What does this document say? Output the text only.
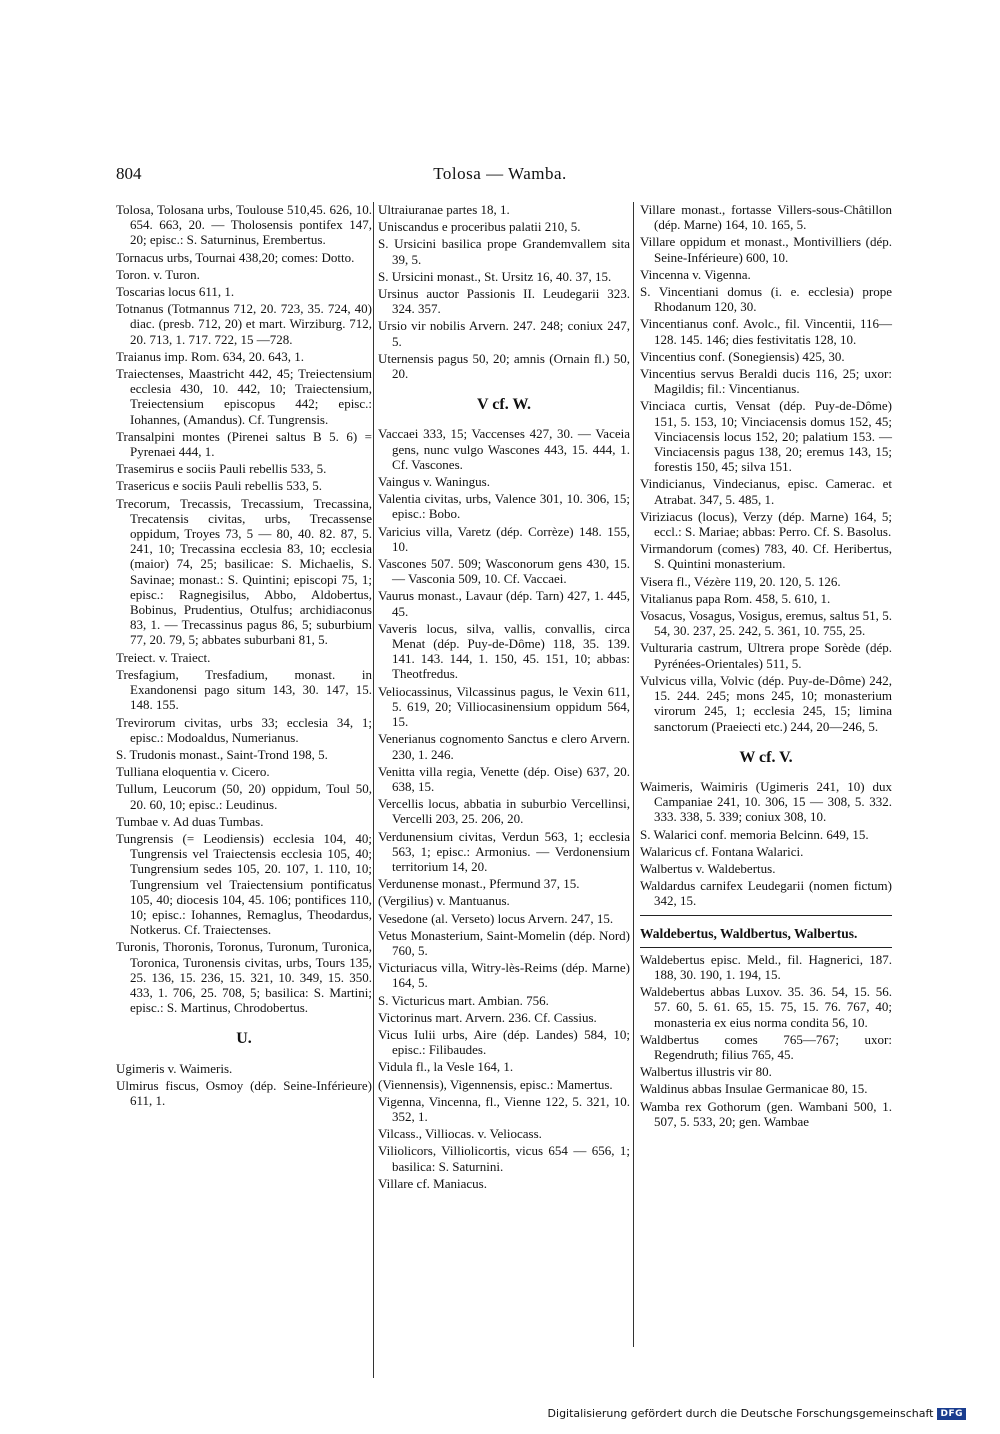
804	Tolosa — Wamba.
Tolosa, Tolosana urbs, Toulouse 510,45. 626, 10. 654. 663, 20. — Tholosensis pontifex 147, 20; episc.: S. Saturninus, Erembertus.
Tornacus urbs, Tournai 438,20; comes: Dotto.
Toron. v. Turon.
Toscarias locus 611, 1.
Totnanus (Totmannus 712, 20. 723, 35. 724, 40) diac. (presb. 712, 20) et mart. Wirziburg. 712, 20. 713, 1. 717. 722, 15 —728.
Traianus imp. Rom. 634, 20. 643, 1.
Traiectenses, Maastricht 442, 45; Treiectensium ecclesia 430, 10. 442, 10; Traiectensium, Treiectensium episcopus 442; episc.: Iohannes, (Amandus). Cf. Tungrensis.
Transalpini montes (Pirenei saltus B 5. 6) = Pyrenaei 444, 1.
Trasemirus e sociis Pauli rebellis 533, 5.
Trasericus e sociis Pauli rebellis 533, 5.
Trecorum, Trecassis, Trecassium, Trecassina, Trecatensis civitas, urbs, Trecassense oppidum, Troyes 73, 5 — 80, 40. 82. 87, 5. 241, 10; Trecassina ecclesia 83, 10; ecclesia (maior) 74, 25; basilicae: S. Michaelis, S. Savinae; monast.: S. Quintini; episcopi 75, 1; episc.: Ragnegisilus, Abbo, Aldobertus, Bobinus, Prudentius, Otulfus; archidiaconus 83, 1. — Trecassinus pagus 86, 5; suburbium 77, 20. 79, 5; abbates suburbani 81, 5.
Treiect. v. Traiect.
Tresfagium, Tresfadium, monast. in Exandonensi pago situm 143, 30. 147, 15. 148. 155.
Trevirorum civitas, urbs 33; ecclesia 34, 1; episc.: Modoaldus, Numerianus.
S. Trudonis monast., Saint-Trond 198, 5.
Tulliana eloquentia v. Cicero.
Tullum, Leucorum (50, 20) oppidum, Toul 50, 20. 60, 10; episc.: Leudinus.
Tumbae v. Ad duas Tumbas.
Tungrensis (= Leodiensis) ecclesia 104, 40; Tungrensis vel Traiectensis ecclesia 105, 40; Tungrensium sedes 105, 20. 107, 1. 110, 10; Tungrensium vel Traiectensium pontificatus 105, 40; diocesis 104, 45. 106; pontifices 110, 10; episc.: Iohannes, Remaglus, Theodardus, Notkerus. Cf. Traiectenses.
Turonis, Thoronis, Toronus, Turonum, Turonica, Toronica, Turonensis civitas, urbs, Tours 135, 25. 136, 15. 236, 15. 321, 10. 349, 15. 350. 433, 1. 706, 25. 708, 5; basilica: S. Martini; episc.: S. Martinus, Chrodobertus.
U.
Ugimeris v. Waimeris.
Ulmirus fiscus, Osmoy (dép. Seine-Inférieure) 611, 1.
Ultraiuranae partes 18, 1.
Uniscandus e proceribus palatii 210, 5.
S. Ursicini basilica prope Grandemvallem sita 39, 5.
S. Ursicini monast., St. Ursitz 16, 40. 37, 15.
Ursinus auctor Passionis II. Leudegarii 323. 324. 357.
Ursio vir nobilis Arvern. 247. 248; coniux 247, 5.
Uternensis pagus 50, 20; amnis (Ornain fl.) 50, 20.
V cf. W.
Vaccaei 333, 15; Vaccenses 427, 30. — Vaceia gens, nunc vulgo Wascones 443, 15. 444, 1. Cf. Vascones.
Vaingus v. Waningus.
Valentia civitas, urbs, Valence 301, 10. 306, 15; episc.: Bobo.
Varicius villa, Varetz (dép. Corrèze) 148. 155, 10.
Vascones 507. 509; Wasconorum gens 430, 15. — Vasconia 509, 10. Cf. Vaccaei.
Vaurus monast., Lavaur (dép. Tarn) 427, 1. 445, 45.
Vaveris locus, silva, vallis, convallis, circa Menat (dép. Puy-de-Dôme) 118, 35. 139. 141. 143. 144, 1. 150, 45. 151, 10; abbas: Theotfredus.
Veliocassinus, Vilcassinus pagus, le Vexin 611, 5. 619, 20; Villiocasinensium oppidum 564, 15.
Venerianus cognomento Sanctus e clero Arvern. 230, 1. 246.
Venitta villa regia, Venette (dép. Oise) 637, 20. 638, 15.
Vercellis locus, abbatia in suburbio Vercellinsi, Vercelli 203, 25. 206, 20.
Verdunensium civitas, Verdun 563, 1; ecclesia 563, 1; episc.: Armonius. — Verdonensium territorium 14, 20.
Verdunense monast., Pfermund 37, 15.
(Vergilius) v. Mantuanus.
Vesedone (al. Verseto) locus Arvern. 247, 15.
Vetus Monasterium, Saint-Momelin (dép. Nord) 760, 5.
Victuriacus villa, Witry-lès-Reims (dép. Marne) 164, 5.
S. Victuricus mart. Ambian. 756.
Victorinus mart. Arvern. 236. Cf. Cassius.
Vicus Iulii urbs, Aire (dép. Landes) 584, 10; episc.: Filibaudes.
Vidula fl., la Vesle 164, 1.
(Viennensis), Vigennensis, episc.: Mamertus.
Vigenna, Vincenna, fl., Vienne 122, 5. 321, 10. 352, 1.
Vilcass., Villiocas. v. Veliocass.
Viliolicors, Villiolicortis, vicus 654 — 656, 1; basilica: S. Saturnini.
Villare cf. Maniacus.
Villare monast., fortasse Villers-sous-Châtillon (dép. Marne) 164, 10. 165, 5.
Villare oppidum et monast., Montivilliers (dép. Seine-Inférieure) 600, 10.
Vincenna v. Vigenna.
S. Vincentiani domus (i. e. ecclesia) prope Rhodanum 120, 30.
Vincentianus conf. Avolc., fil. Vincentii, 116—128. 145. 146; dies festivitatis 128, 10.
Vincentius conf. (Sonegiensis) 425, 30.
Vincentius servus Beraldi ducis 116, 25; uxor: Magildis; fil.: Vincentianus.
Vinciaca curtis, Vensat (dép. Puy-de-Dôme) 151, 5. 153, 10; Vinciacensis domus 152, 45; Vinciacensis locus 152, 20; palatium 153. — Vinciacensis pagus 138, 20; eremus 143, 15; forestis 150, 45; silva 151.
Vindicianus, Vindecianus, episc. Camerac. et Atrabat. 347, 5. 485, 1.
Viriziacus (locus), Verzy (dép. Marne) 164, 5; eccl.: S. Mariae; abbas: Perro. Cf. S. Basolus.
Virmandorum (comes) 783, 40. Cf. Heribertus, S. Quintini monasterium.
Visera fl., Vézère 119, 20. 120, 5. 126.
Vitalianus papa Rom. 458, 5. 610, 1.
Vosacus, Vosagus, Vosigus, eremus, saltus 51, 5. 54, 30. 237, 25. 242, 5. 361, 10. 755, 25.
Vulturaria castrum, Ultrera prope Sorède (dép. Pyrénées-Orientales) 511, 5.
Vulvicus villa, Volvic (dép. Puy-de-Dôme) 242, 15. 244. 245; mons 245, 10; monasterium virorum 245, 1; ecclesia 245, 15; limina sanctorum (Praeiecti etc.) 244, 20—246, 5.
W cf. V.
Waimeris, Waimiris (Ugimeris 241, 10) dux Campaniae 241, 10. 306, 15 — 308, 5. 332. 333. 338, 5. 339; coniux 308, 10.
S. Walarici conf. memoria Belcinn. 649, 15.
Walaricus cf. Fontana Walarici.
Walbertus v. Waldebertus.
Waldardus carnifex Leudegarii (nomen fictum) 342, 15.
Waldebertus, Waldbertus, Walbertus.
Waldebertus episc. Meld., fil. Hagnerici, 187. 188, 30. 190, 1. 194, 15.
Waldebertus abbas Luxov. 35. 36. 54, 15. 56. 57. 60, 5. 61. 65, 15. 75, 15. 76. 767, 40; monasteria ex eius norma condita 56, 10.
Waldbertus comes 765—767; uxor: Regendruth; filius 765, 45.
Walbertus illustris vir 80.
Waldinus abbas Insulae Germanicae 80, 15.
Wamba rex Gothorum (gen. Wambani 500, 1. 507, 5. 533, 20; gen. Wambae
Digitalisierung gefördert durch die Deutsche Forschungsgemeinschaft DFG
